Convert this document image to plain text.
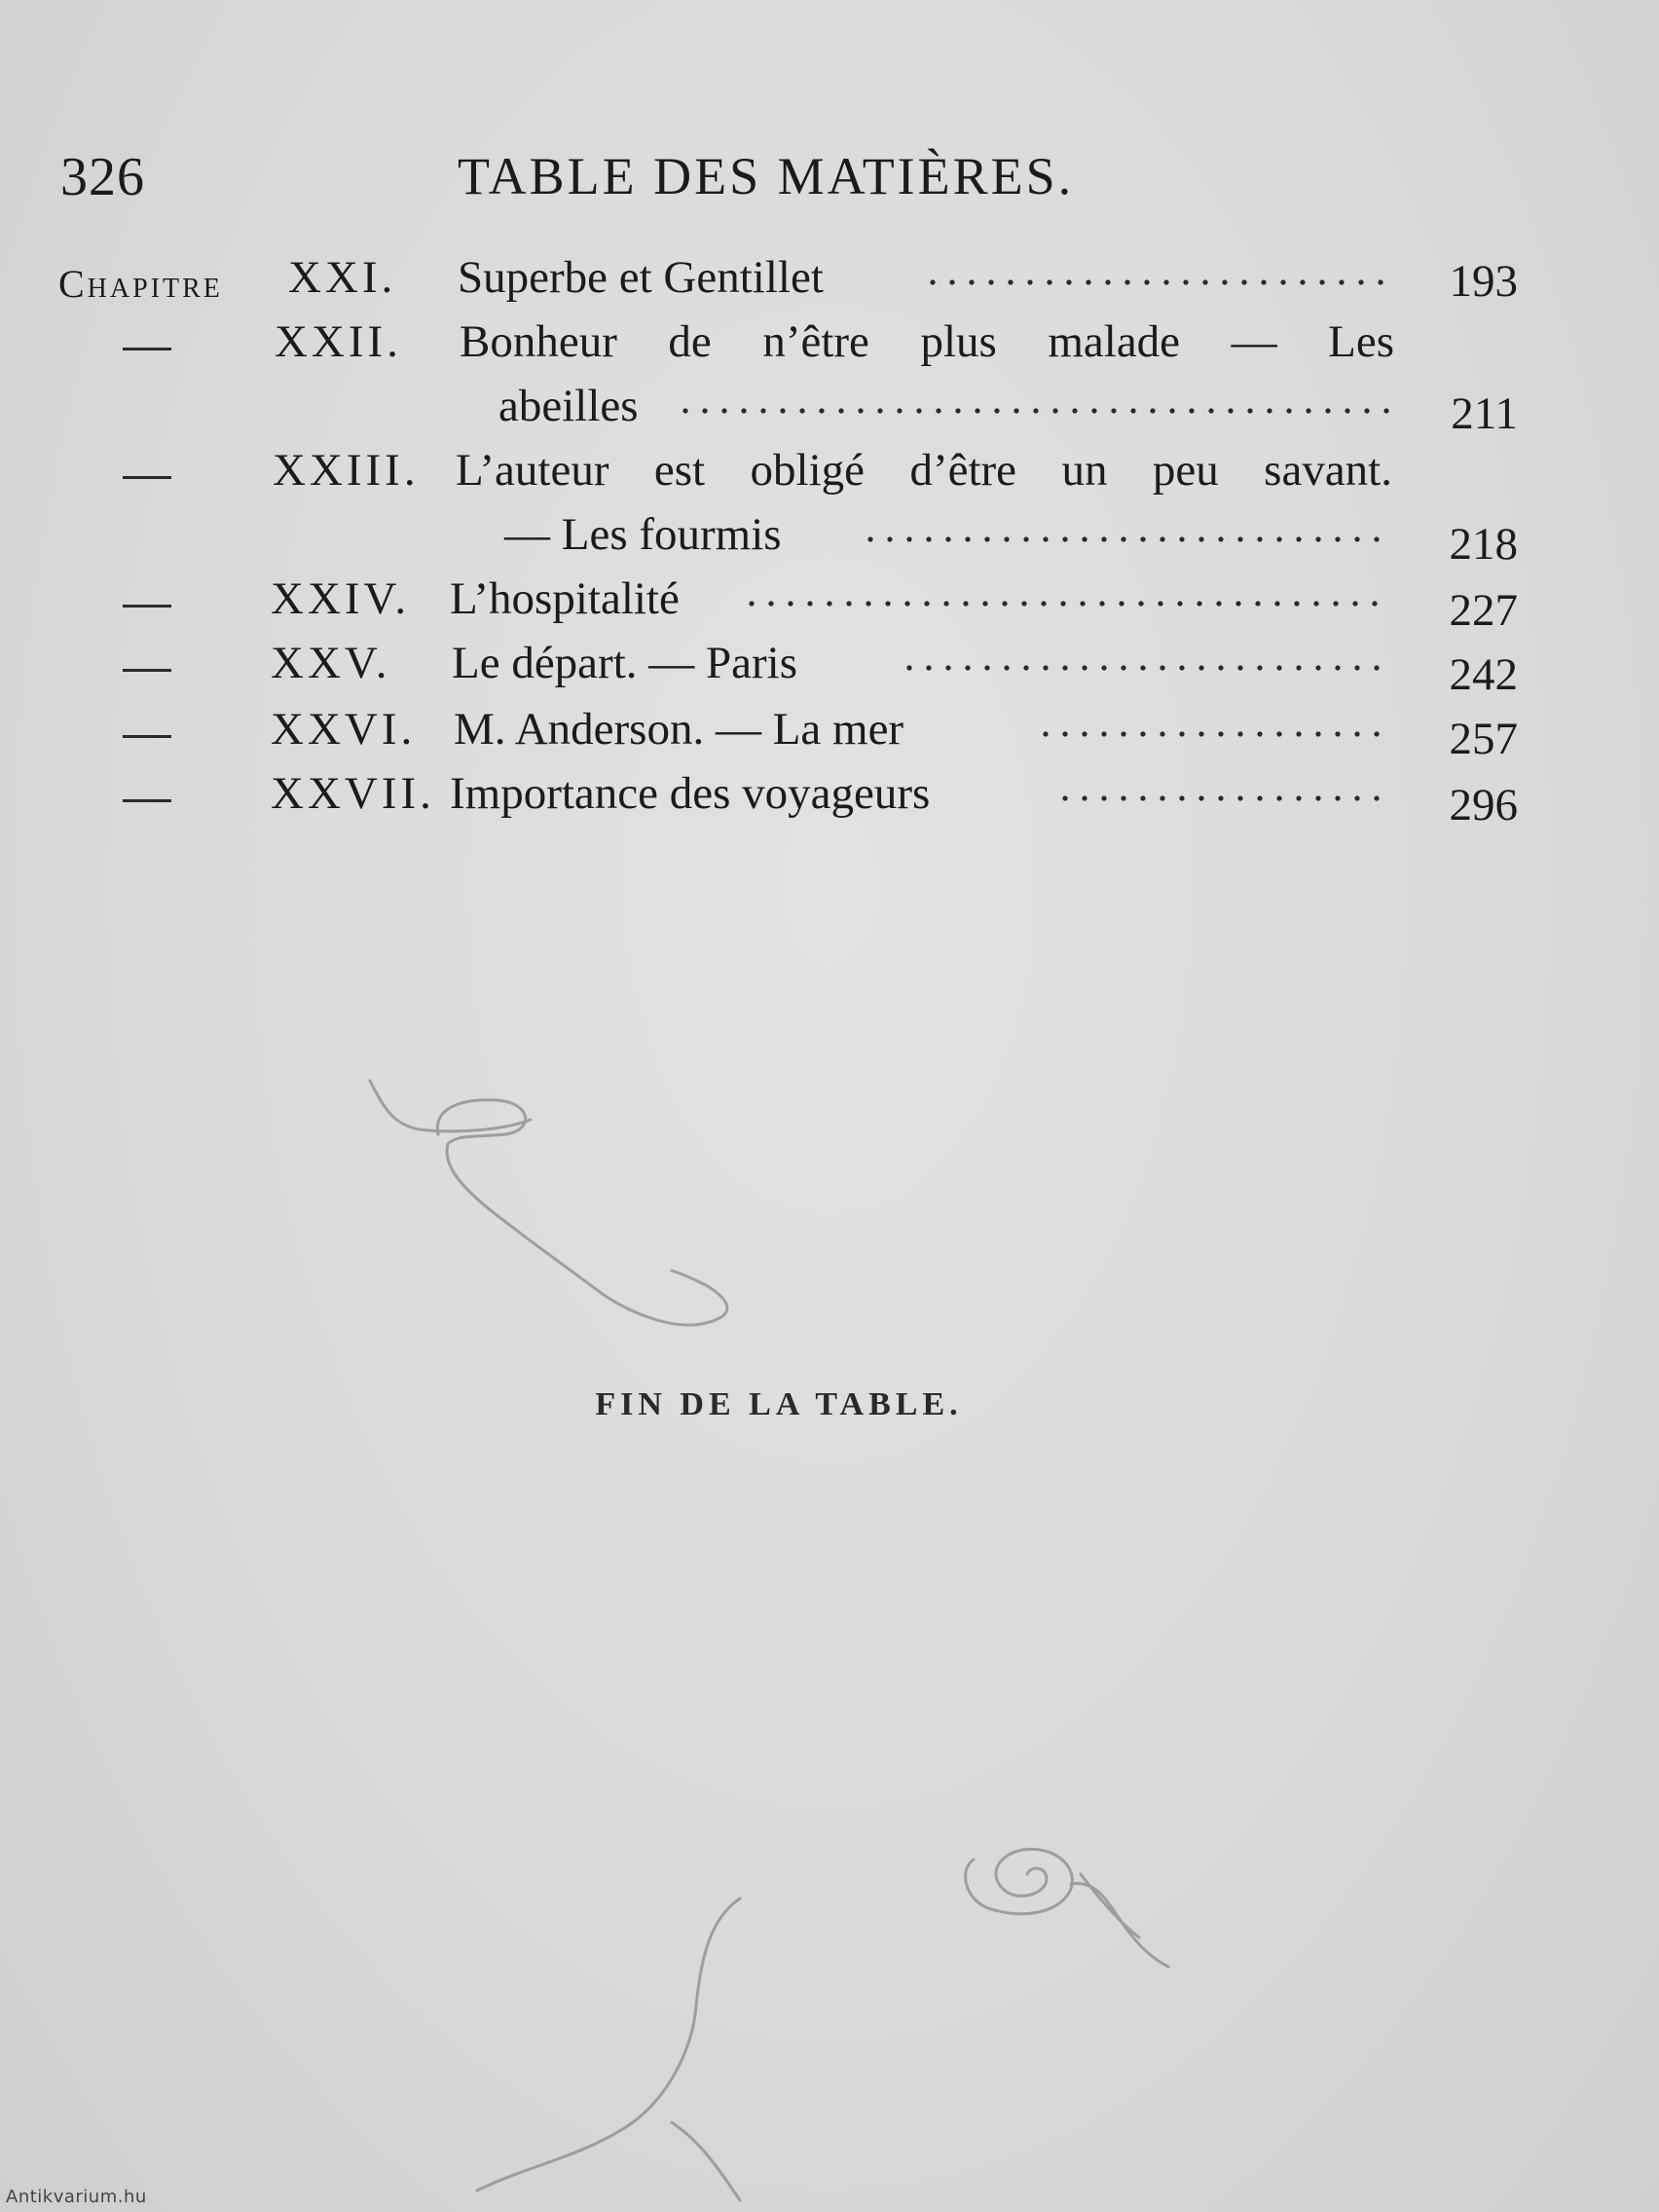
326	TABLE DES MATIÈRES.
Chapitre XXI. Superbe et Gentillet	193
XXII. Bonheur de n’être plus malade — Les
abeilles	211
XXIII. L’auteur est obligé d’être un peu savant.
— Les fourmis	218
XXIV. L’hospitalité	227
XXV. Le départ. — Paris	242
XXVI. M. Anderson. — La mer	257
XXVII. Importance des voyageurs	296
FIN DE LA TABLE.
Antikvarium.hu
